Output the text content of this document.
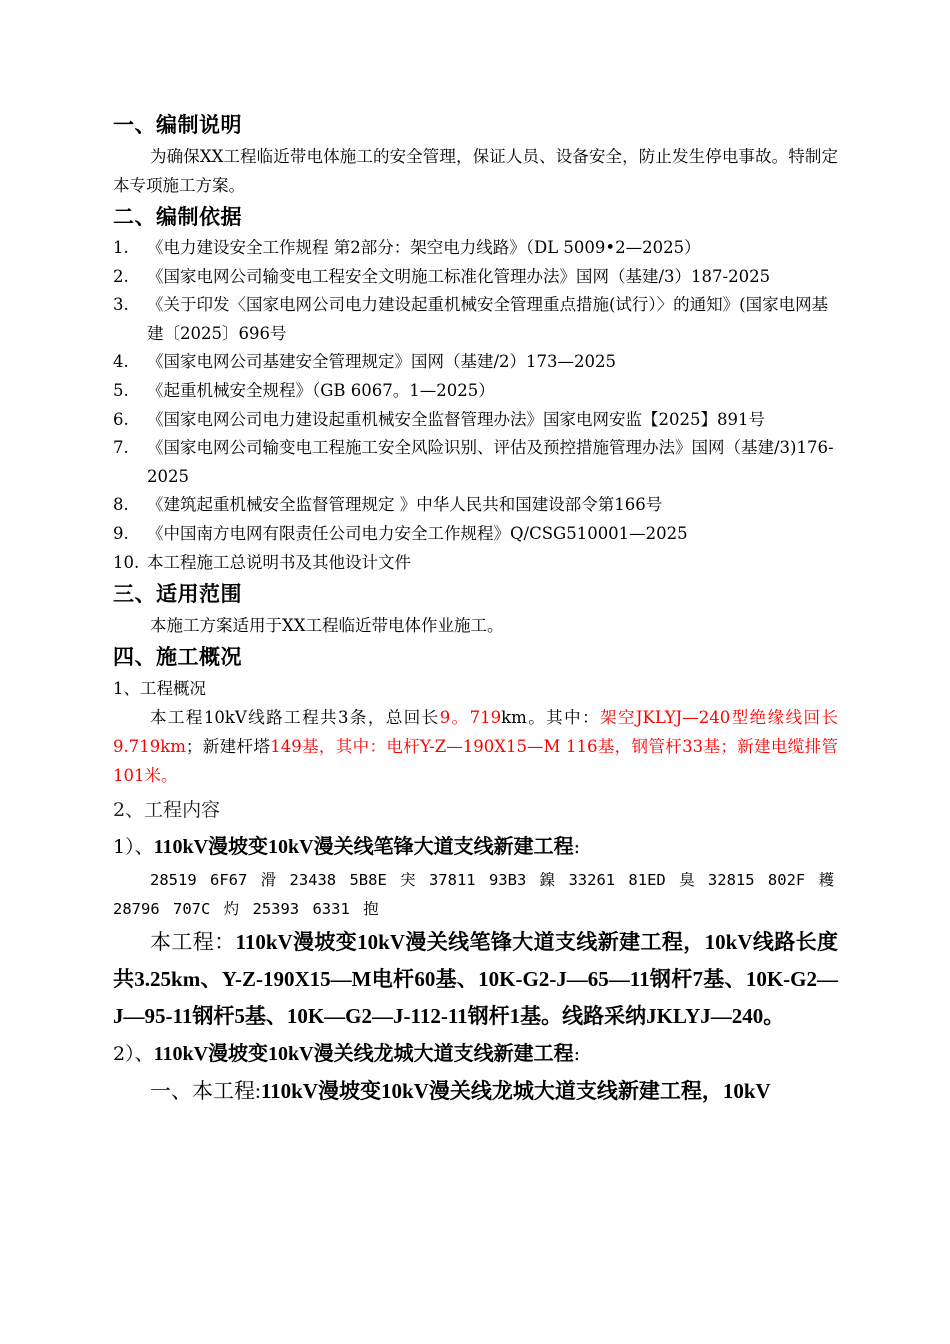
一、编制说明

为确保XX工程临近带电体施工的安全管理，保证人员、设备安全，防止发生停电事故。特制定本专项施工方案。

二、编制依据
1.	《电力建设安全工作规程 第2部分：架空电力线路》（DL 5009•2—2025）
2.	《国家电网公司输变电工程安全文明施工标准化管理办法》国网（基建/3）187-2025
3.	《关于印发〈国家电网公司电力建设起重机械安全管理重点措施(试行）〉的通知》(国家电网基建〔2025〕696号
4.	《国家电网公司基建安全管理规定》国网（基建/2）173—2025
5.	《起重机械安全规程》（GB 6067。1—2025）
6.	《国家电网公司电力建设起重机械安全监督管理办法》国家电网安监【2025】891号
7.	《国家电网公司输变电工程施工安全风险识别、评估及预控措施管理办法》国网（基建/3)176-2025
8.	《建筑起重机械安全监督管理规定 》中华人民共和国建设部令第166号
9.	《中国南方电网有限责任公司电力安全工作规程》Q/CSG510001—2025
10. 本工程施工总说明书及其他设计文件
三、适用范围

本施工方案适用于XX工程临近带电体作业施工。

四、施工概况

1、工程概况

本工程10kV线路工程共3条，总回长9。719km。其中：架空JKLYJ—240型绝缘线回长9.719km；新建杆塔149基，其中：电杆Y-Z—190X15—M 116基，钢管杆33基；新建电缆排管101米。

2、工程内容

1）、110kV漫坡变10kV漫关线笔锋大道支线新建工程:

28519 6F67 滑 23438 5B8E 宊 37811 93B3 鎳 33261 81ED 臭 32815 802F 耯 28796 707C 灼 25393 6331 抱

本工程：110kV漫坡变10kV漫关线笔锋大道支线新建工程，10kV线路长度共3.25km、Y-Z-190X15—M电杆60基、10K-G2-J—65—11钢杆7基、10K-G2—J—95-11钢杆5基、10K—G2—J-112-11钢杆1基。线路采纳JKLYJ—240。

2）、110kV漫坡变10kV漫关线龙城大道支线新建工程:

一、本工程:110kV漫坡变10kV漫关线龙城大道支线新建工程，10kV
